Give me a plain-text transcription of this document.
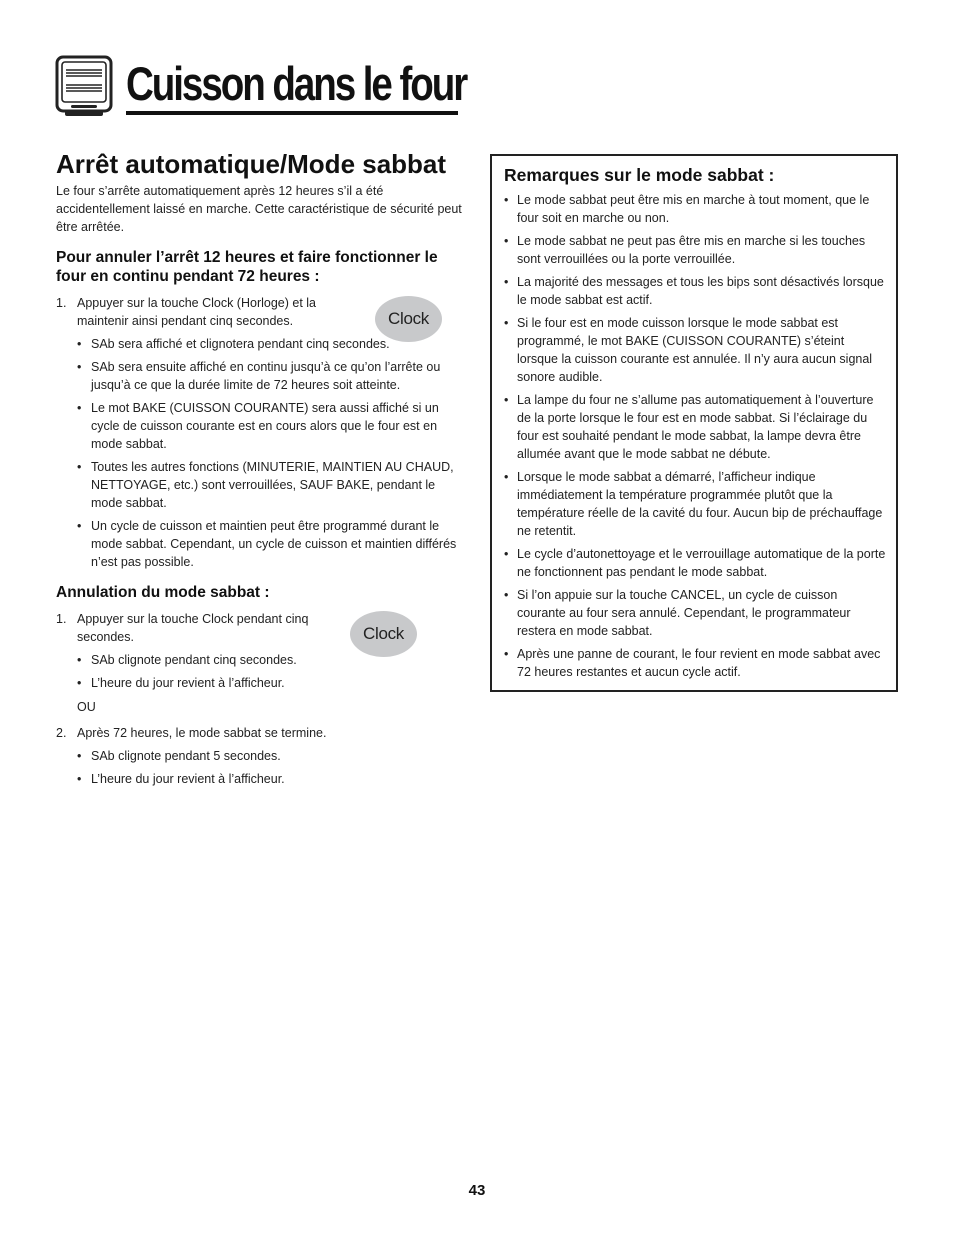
Cuisson dans le four
Arrêt automatique/Mode sabbat

Le four s’arrête automatiquement après 12 heures s’il a été accidentellement laissé en marche. Cette caractéristique de sécurité peut être arrêtée.

Pour annuler l’arrêt 12 heures et faire fonctionner le four en continu pendant 72 heures :

1. Appuyer sur la touche Clock (Horloge) et la maintenir ainsi pendant cinq secondes.
• SAb sera affiché et clignotera pendant cinq secondes.
• SAb sera ensuite affiché en continu jusqu’à ce qu’on l’arrête ou jusqu’à ce que la durée limite de 72 heures soit atteinte.
• Le mot BAKE (CUISSON COURANTE) sera aussi affiché si un cycle de cuisson courante est en cours alors que le four est en mode sabbat.
• Toutes les autres fonctions (MINUTERIE, MAINTIEN AU CHAUD, NETTOYAGE, etc.) sont verrouillées, SAUF BAKE, pendant le mode sabbat.
• Un cycle de cuisson et maintien peut être programmé durant le mode sabbat. Cependant, un cycle de cuisson et maintien différés n’est pas possible.

Annulation du mode sabbat :

1. Appuyer sur la touche Clock pendant cinq secondes.
• SAb clignote pendant cinq secondes.
• L’heure du jour revient à l’afficheur.

OU

2. Après 72 heures, le mode sabbat se termine.
• SAb clignote pendant 5 secondes.
• L’heure du jour revient à l’afficheur.
Clock
Clock
Remarques sur le mode sabbat :
• Le mode sabbat peut être mis en marche à tout moment, que le four soit en marche ou non.
• Le mode sabbat ne peut pas être mis en marche si les touches sont verrouillées ou la porte verrouillée.
• La majorité des messages et tous les bips sont désactivés lorsque le mode sabbat est actif.
• Si le four est en mode cuisson lorsque le mode sabbat est programmé, le mot BAKE (CUISSON COURANTE) s’éteint lorsque la cuisson courante est annulée. Il n’y aura aucun signal sonore audible.
• La lampe du four ne s’allume pas automatiquement à l’ouverture de la porte lorsque le four est en mode sabbat. Si l’éclairage du four est souhaité pendant le mode sabbat, la lampe devra être allumée avant que le mode sabbat ne débute.
• Lorsque le mode sabbat a démarré, l’afficheur indique immédiatement la température programmée plutôt que la température réelle de la cavité du four. Aucun bip de préchauffage ne retentit.
• Le cycle d’autonettoyage et le verrouillage automatique de la porte ne fonctionnent pas pendant le mode sabbat.
• Si l’on appuie sur la touche CANCEL, un cycle de cuisson courante au four sera annulé. Cependant, le programmateur restera en mode sabbat.
• Après une panne de courant, le four revient en mode sabbat avec 72 heures restantes et aucun cycle actif.
43
